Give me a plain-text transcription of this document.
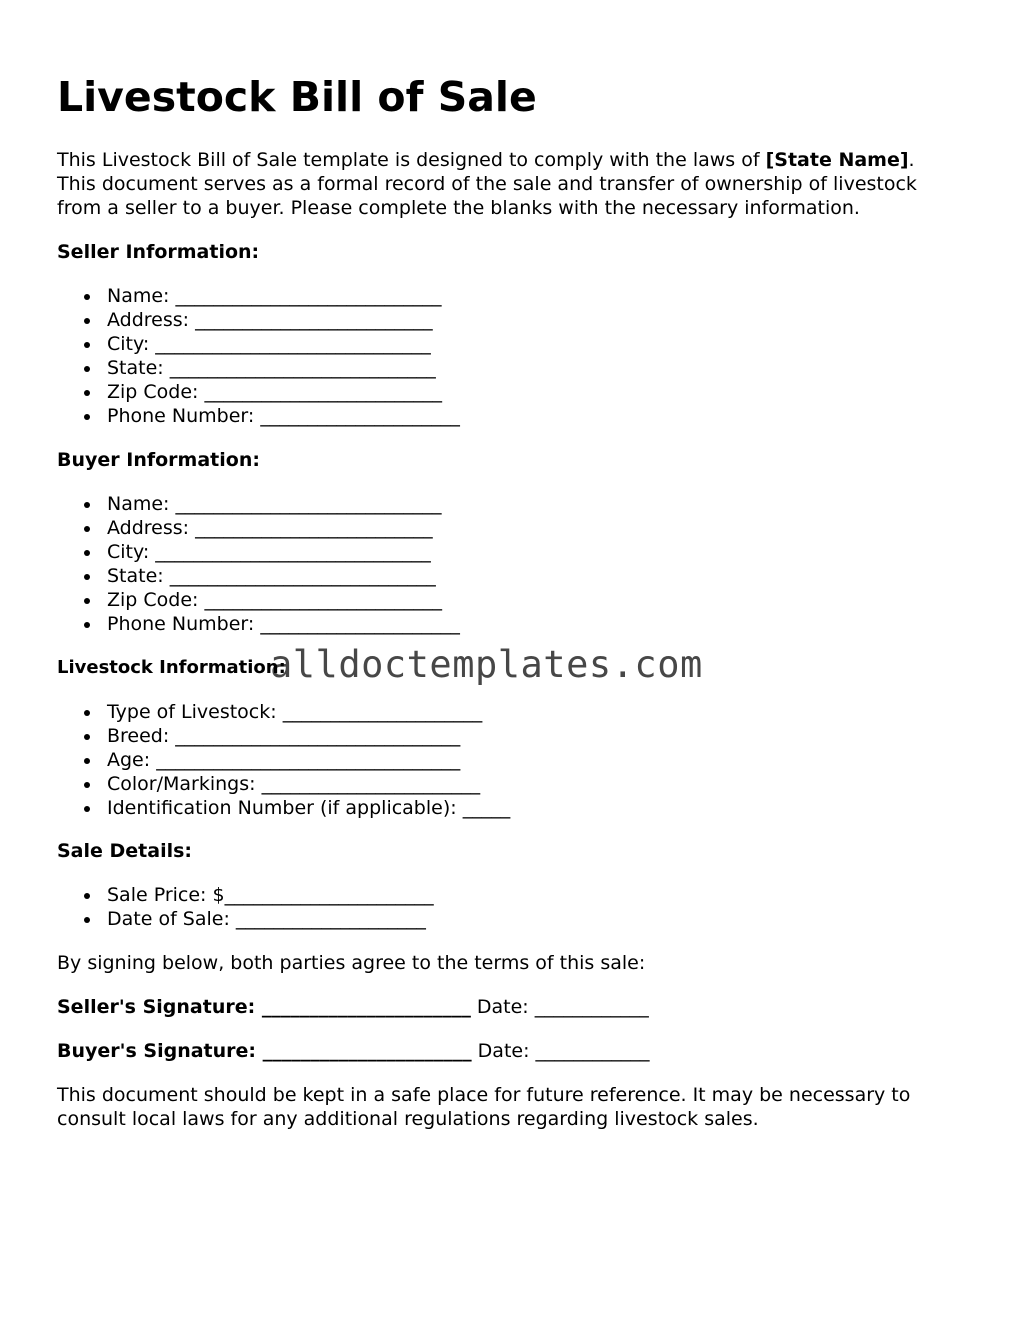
Livestock Bill of Sale
This Livestock Bill of Sale template is designed to comply with the laws of [State Name].
This document serves as a formal record of the sale and transfer of ownership of livestock
from a seller to a buyer. Please complete the blanks with the necessary information.
Seller Information:
Name: ____________________________
Address: _________________________
City: _____________________________
State: ____________________________
Zip Code: _________________________
Phone Number: _____________________
Buyer Information:
Name: ____________________________
Address: _________________________
City: _____________________________
State: ____________________________
Zip Code: _________________________
Phone Number: _____________________
Livestock Information:
Type of Livestock: _____________________
Breed: ______________________________
Age: ________________________________
Color/Markings: _______________________
Identification Number (if applicable): _____
Sale Details:
Sale Price: $______________________
Date of Sale: ____________________
By signing below, both parties agree to the terms of this sale:
Seller's Signature: ______________________ Date: ____________
Buyer's Signature: ______________________ Date: ____________
This document should be kept in a safe place for future reference. It may be necessary to
consult local laws for any additional regulations regarding livestock sales.
alldoctemplates.com
